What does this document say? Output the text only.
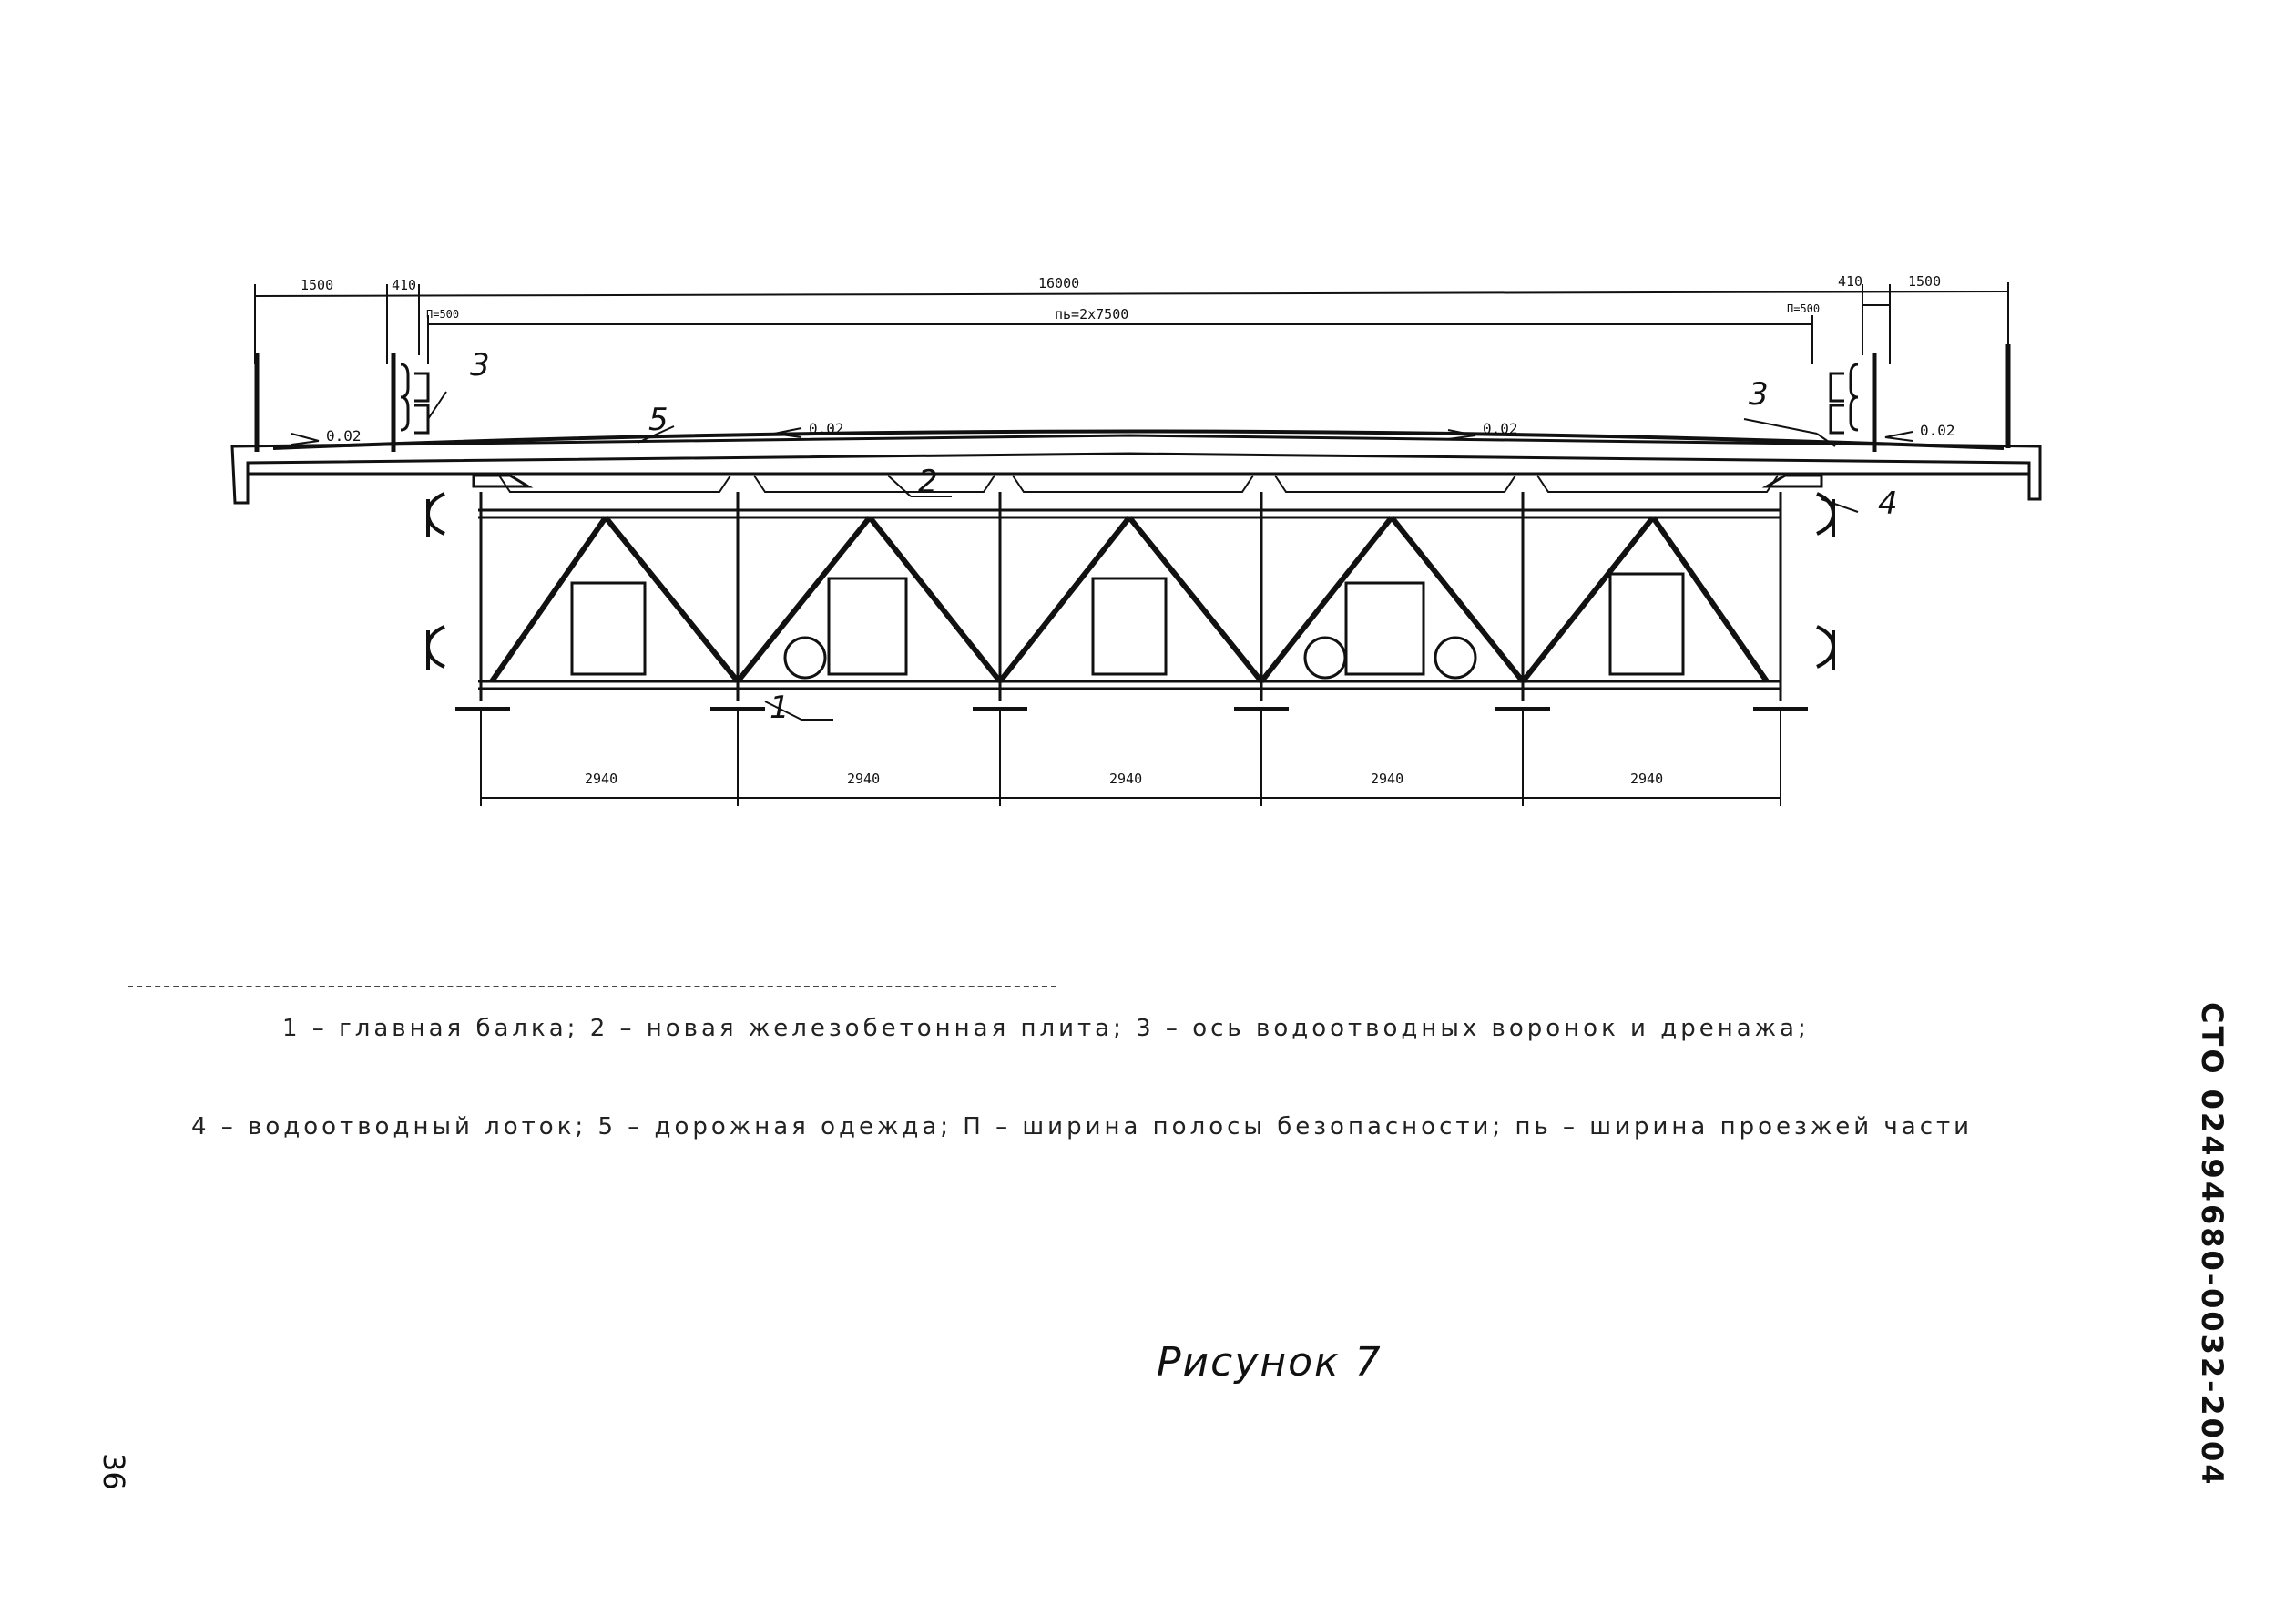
1500	410	16000	410	1500
П=500	пь=2x7500	П=500
2940	2940	2940	2940	2940
0.02	0.02	0.02	0.02
1
2
3
3
4
5
1 – главная балка; 2 – новая железобетонная плита; 3 – ось водоотводных воронок и дренажа;
4 – водоотводный лоток; 5 – дорожная одежда; П – ширина полосы безопасности; пь – ширина проезжей части
Рисунок 7	СТО 02494680-0032-2004
36
